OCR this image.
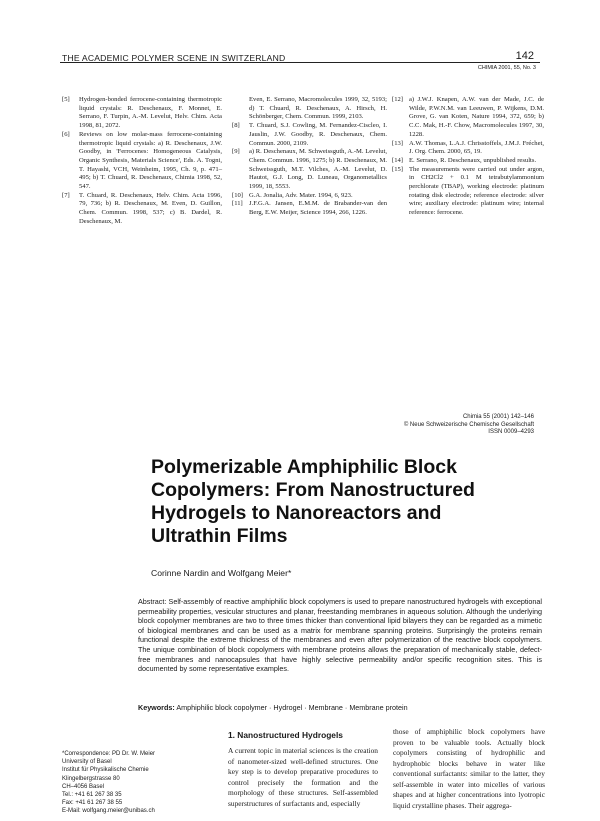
THE ACADEMIC POLYMER SCENE IN SWITZERLAND	142
CHIMIA 2001, 55, No. 3
[5]	Hydrogen-bonded ferrocene-containing thermotropic liquid crystals: R. Deschenaux, F. Monnet, E. Serrano, F. Turpin, A.-M. Levelut, Helv. Chim. Acta 1998, 81, 2072.
[6]	Reviews on low molar-mass ferrocene-containing thermotropic liquid crystals: a) R. Deschenaux, J.W. Goodby, in 'Ferrocenes: Homogeneous Catalysis, Organic Synthesis, Materials Science', Eds. A. Togni, T. Hayashi, VCH, Weinheim, 1995, Ch. 9, p. 471–495; b) T. Chuard, R. Deschenaux, Chimia 1998, 52, 547.
[7]	T. Chuard, R. Deschenaux, Helv. Chim. Acta 1996, 79, 736; b) R. Deschenaux, M. Even, D. Guillon, Chem. Commun. 1998, 537; c) B. Dardel, R. Deschenaux, M.
Even, E. Serrano, Macromolecules 1999, 32, 5193; d) T. Chuard, R. Deschenaux, A. Hirsch, H. Schönberger, Chem. Commun. 1999, 2103.
[8]	T. Chuard, S.J. Cowling, M. Fernandez-Ciscleo, I. Jauslin, J.W. Goodby, R. Deschenaux, Chem. Commun. 2000, 2109.
[9]	a) R. Deschenaux, M. Schweissguth, A.-M. Levelut, Chem. Commun. 1996, 1275; b) R. Deschenaux, M. Schweissguth, M.T. Vilches, A.-M. Levelut, D. Hautot, G.J. Long, D. Luneau, Organometallics 1999, 18, 5553.
[10] G.A. Jonalia, Adv. Mater. 1994, 6, 923.
[11] J.F.G.A. Jansen, E.M.M. de Brabander-van den Berg, E.W. Meijer, Science 1994, 266, 1226.
[12] a) J.W.J. Knapen, A.W. van der Made, J.C. de Wilde, P.W.N.M. van Leeuwen, P. Wijkens, D.M. Grove, G. van Koten, Nature 1994, 372, 659; b) C.C. Mak, H.-F. Chow, Macromolecules 1997, 30, 1228.
[13] A.W. Thomas, L.A.J. Chrisstoffels, J.M.J. Fréchet, J. Org. Chem. 2000, 65, 19.
[14] E. Serrano, R. Deschenaux, unpublished results.
[15] The measurements were carried out under argon, in CH2Cl2 + 0.1 M tetrabutylammonium perchlorate (TBAP), working electrode: platinum rotating disk electrode; reference electrode: silver wire; auxiliary electrode: platinum wire; internal reference: ferrocene.
Chimia 55 (2001) 142–146
© Neue Schweizerische Chemische Gesellschaft
ISSN 0009–4293
Polymerizable Amphiphilic Block Copolymers: From Nanostructured Hydrogels to Nanoreactors and Ultrathin Films
Corinne Nardin and Wolfgang Meier*
Abstract: Self-assembly of reactive amphiphilic block copolymers is used to prepare nanostructured hydrogels with exceptional permeability properties, vesicular structures and planar, freestanding membranes in aqueous solution. Although the underlying block copolymer membranes are two to three times thicker than conventional lipid bilayers they can be regarded as a mimetic of biological membranes and can be used as a matrix for membrane spanning proteins. Surprisingly the proteins remain functional despite the extreme thickness of the membranes and even after polymerization of the reactive block copolymers. The unique combination of block copolymers with membrane proteins allows the preparation of mechanically stable, defect-free membranes and nanocapsules that have highly selective permeability and/or specific recognition sites. This is documented by some representative examples.
Keywords: Amphiphilic block copolymer · Hydrogel · Membrane · Membrane protein
*Correspondence: PD Dr. W. Meier
University of Basel
Institut für Physikalische Chemie
Klingelbergstrasse 80
CH–4056 Basel
Tel.: +41 61 267 38 35
Fax: +41 61 267 38 55
E-Mail: wolfgang.meier@unibas.ch
1. Nanostructured Hydrogels
A current topic in material sciences is the creation of nanometer-sized well-defined structures. One key step is to develop preparative procedures to control precisely the formation and the morphology of these structures. Self-assembled superstructures of surfactants and, especially
those of amphiphilic block copolymers have proven to be valuable tools. Actually block copolymers consisting of hydrophilic and hydrophobic blocks behave in water like conventional surfactants: similar to the latter, they self-assemble in water into micelles of various shapes and at higher concentrations into lyotropic liquid crystalline phases. Their aggrega-
